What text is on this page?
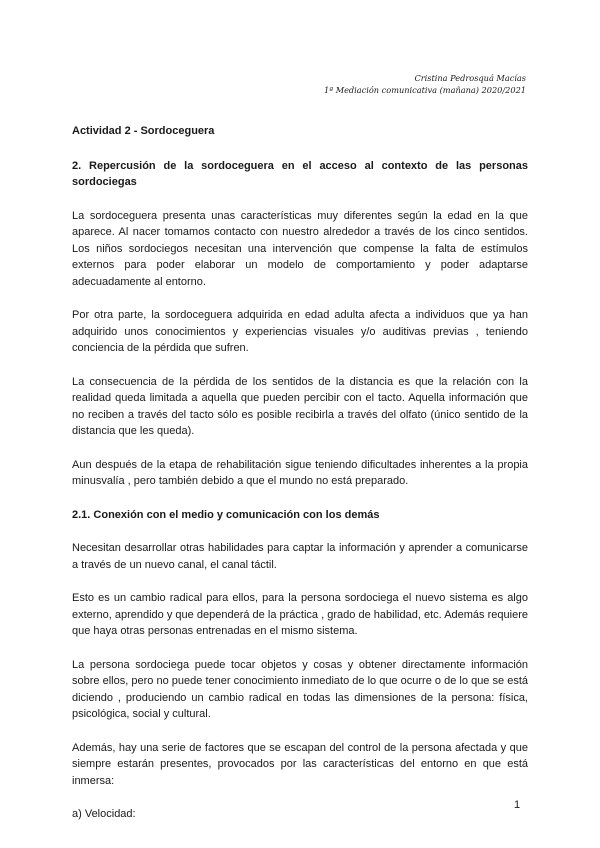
Cristina Pedrosquá Macías
1ª Mediación comunicativa (mañana) 2020/2021
Actividad 2 - Sordoceguera
2. Repercusión de la sordoceguera en el acceso al contexto de las personas sordociegas

La sordoceguera presenta unas características muy diferentes según la edad en la que aparece. Al nacer tomamos contacto con nuestro alrededor a través de los cinco sentidos. Los niños sordociegos necesitan una intervención que compense la falta de estímulos externos para poder elaborar un modelo de comportamiento y poder adaptarse adecuadamente al entorno.

Por otra parte, la sordoceguera adquirida en edad adulta afecta a individuos que ya han adquirido unos conocimientos y experiencias visuales y/o auditivas previas , teniendo conciencia de la pérdida que sufren.

La consecuencia de la pérdida de los sentidos de la distancia es que la relación con la realidad queda limitada a aquella que pueden percibir con el tacto. Aquella información que no reciben a través del tacto sólo es posible recibirla a través del olfato (único sentido de la distancia que les queda).

Aun después de la etapa de rehabilitación sigue teniendo dificultades inherentes a la propia minusvalía , pero también debido a que el mundo no está preparado.

2.1. Conexión con el medio y comunicación con los demás

Necesitan desarrollar otras habilidades para captar la información y aprender a comunicarse a través de un nuevo canal, el canal táctil.

Esto es un cambio radical para ellos, para la persona sordociega el nuevo sistema es algo externo, aprendido y que dependerá de la práctica , grado de habilidad, etc. Además requiere que haya otras personas entrenadas en el mismo sistema.

La persona sordociega puede tocar objetos y cosas y obtener directamente información sobre ellos, pero no puede tener conocimiento inmediato de lo que ocurre o de lo que se está diciendo , produciendo un cambio radical en todas las dimensiones de la persona: física, psicológica, social y cultural.

Además, hay una serie de factores que se escapan del control de la persona afectada y que siempre estarán presentes, provocados por las características del entorno en que está inmersa:

a) Velocidad:

1
